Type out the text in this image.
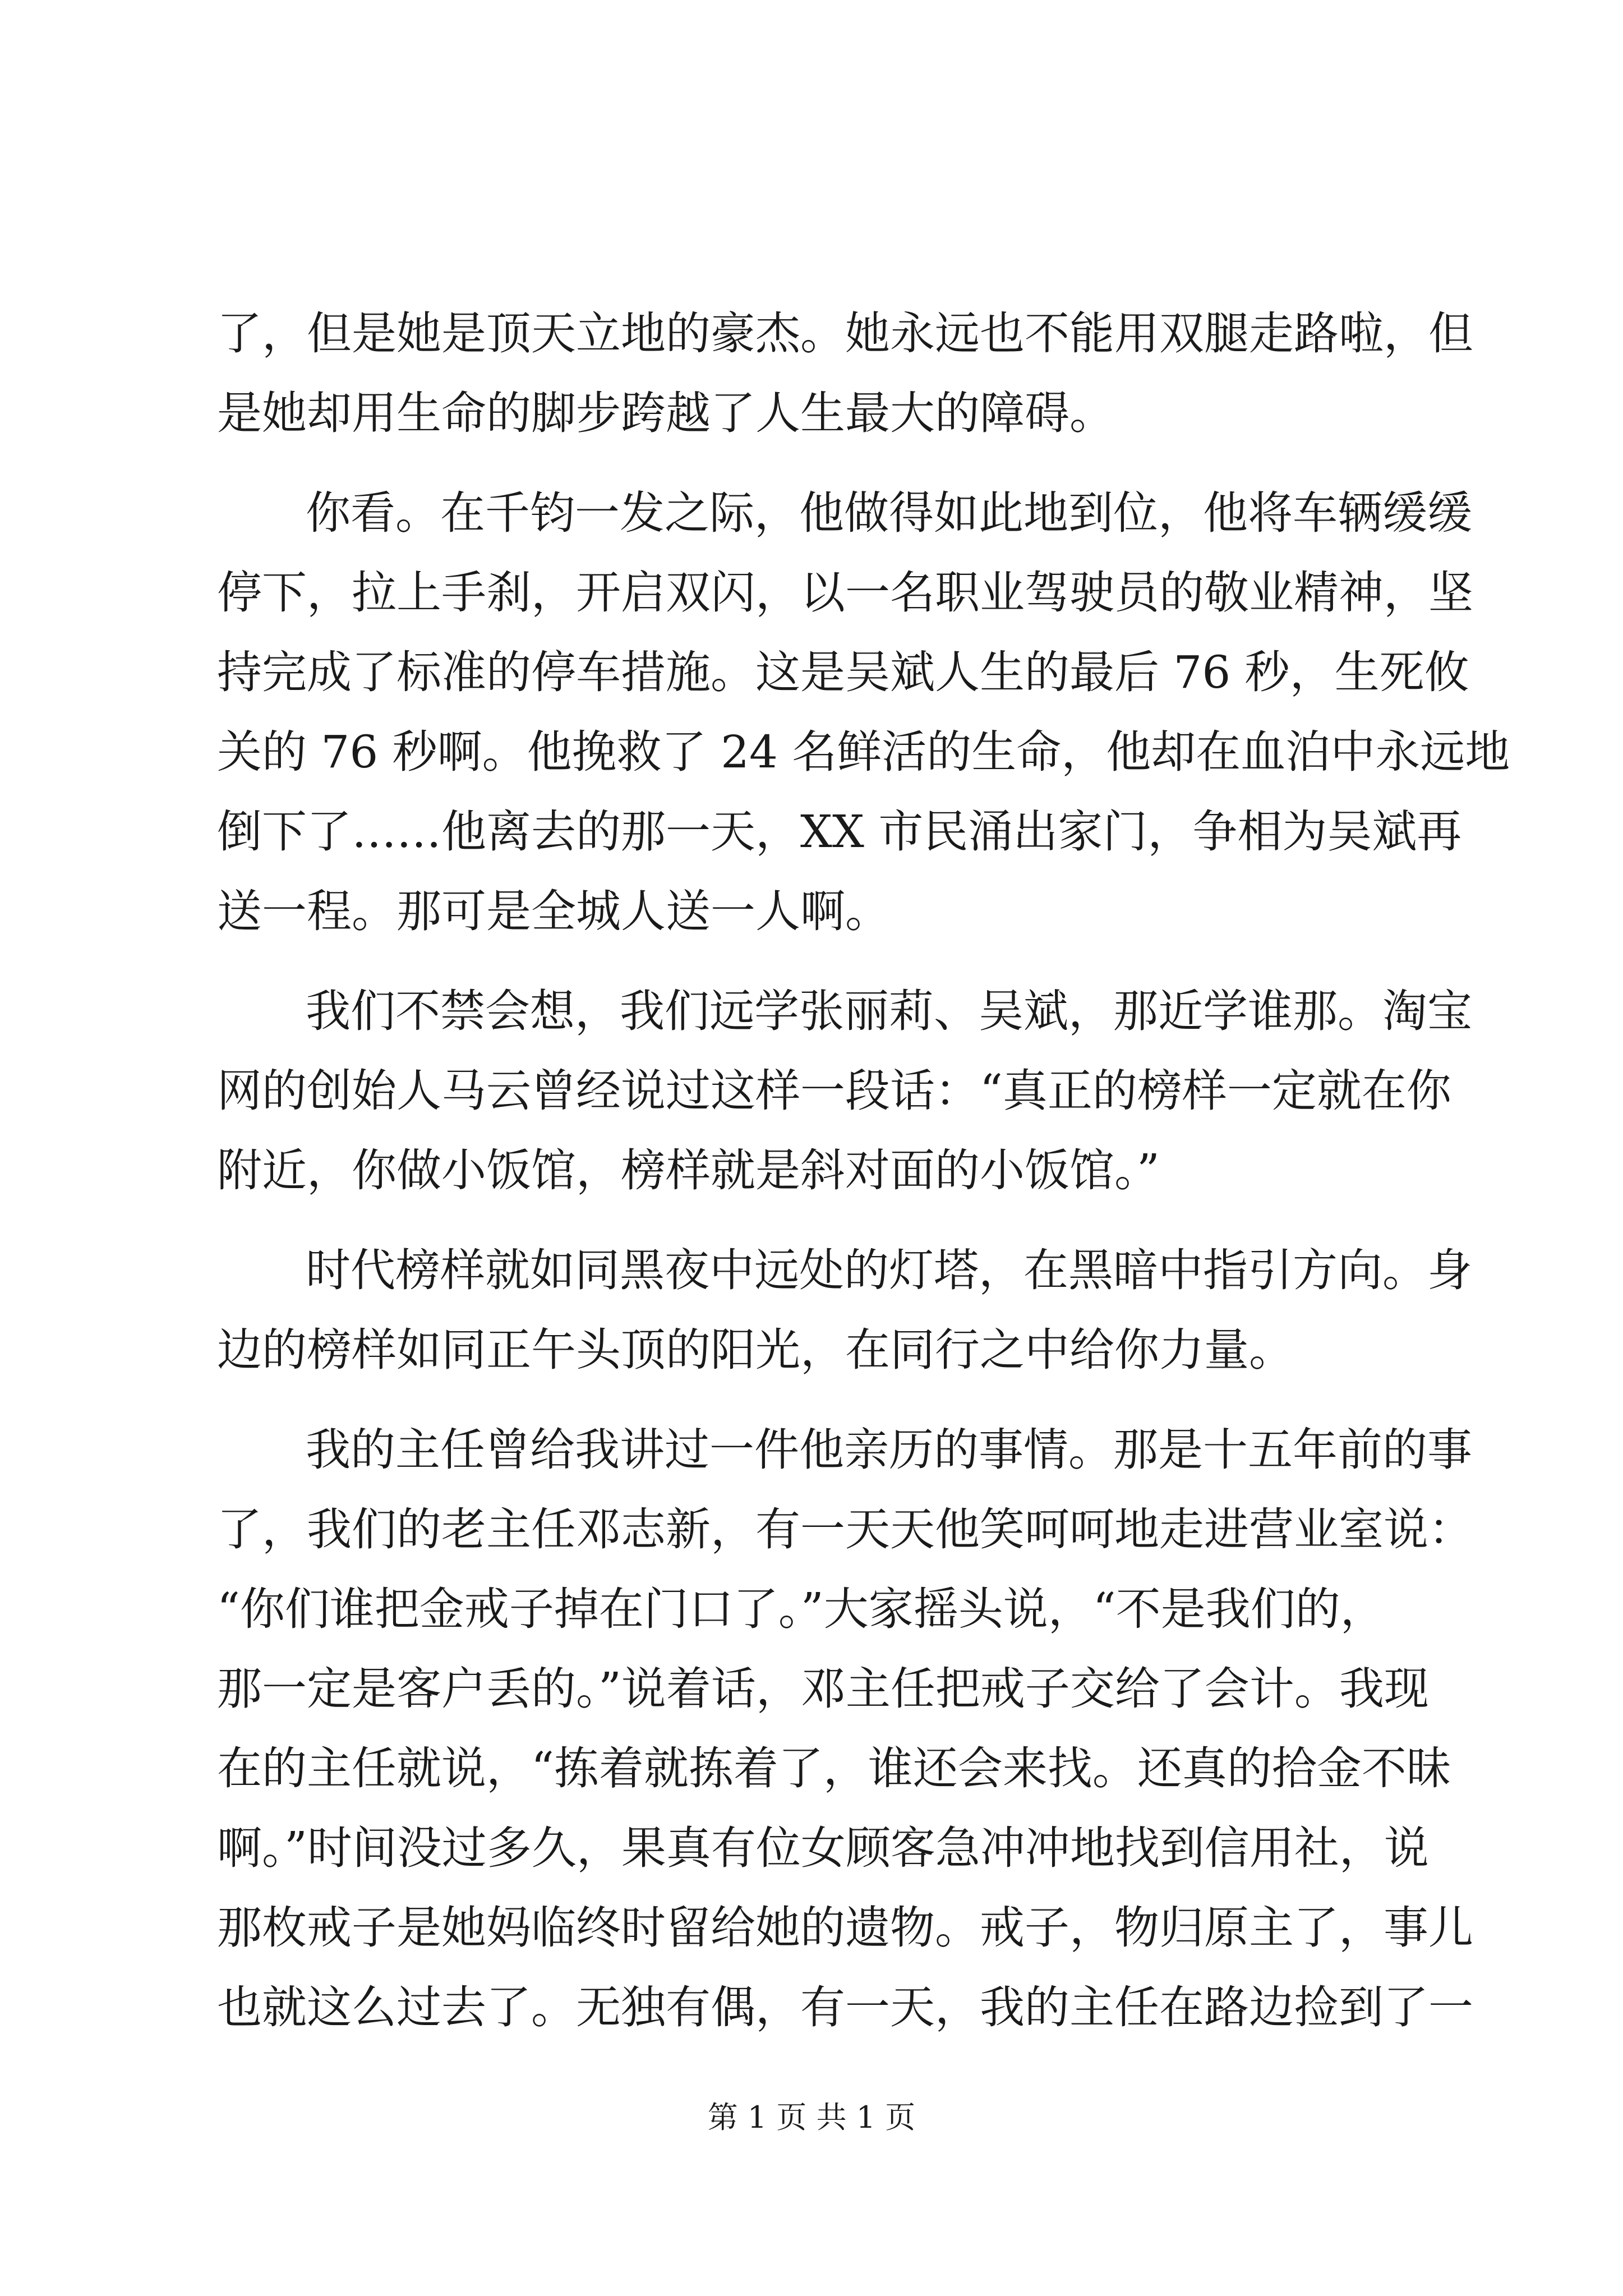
了，但是她是顶天立地的豪杰。她永远也不能用双腿走路啦，但
是她却用生命的脚步跨越了人生最大的障碍。
你看。在千钧一发之际，他做得如此地到位，他将车辆缓缓
停下，拉上手刹，开启双闪，以一名职业驾驶员的敬业精神，坚
持完成了标准的停车措施。这是吴斌人生的最后 76 秒，生死攸
关的 76 秒啊。他挽救了 24 名鲜活的生命，他却在血泊中永远地
倒下了……他离去的那一天，XX 市民涌出家门，争相为吴斌再
送一程。那可是全城人送一人啊。
我们不禁会想，我们远学张丽莉、吴斌，那近学谁那。淘宝
网的创始人马云曾经说过这样一段话：“真正的榜样一定就在你
附近，你做小饭馆，榜样就是斜对面的小饭馆。”
时代榜样就如同黑夜中远处的灯塔，在黑暗中指引方向。身
边的榜样如同正午头顶的阳光，在同行之中给你力量。
我的主任曾给我讲过一件他亲历的事情。那是十五年前的事
了，我们的老主任邓志新，有一天天他笑呵呵地走进营业室说：
“你们谁把金戒子掉在门口了。”大家摇头说，“不是我们的，
那一定是客户丢的。”说着话，邓主任把戒子交给了会计。我现
在的主任就说，“拣着就拣着了，谁还会来找。还真的拾金不昧
啊。”时间没过多久，果真有位女顾客急冲冲地找到信用社，说
那枚戒子是她妈临终时留给她的遗物。戒子，物归原主了，事儿
也就这么过去了。无独有偶，有一天，我的主任在路边捡到了一
第 1 页 共 1 页
